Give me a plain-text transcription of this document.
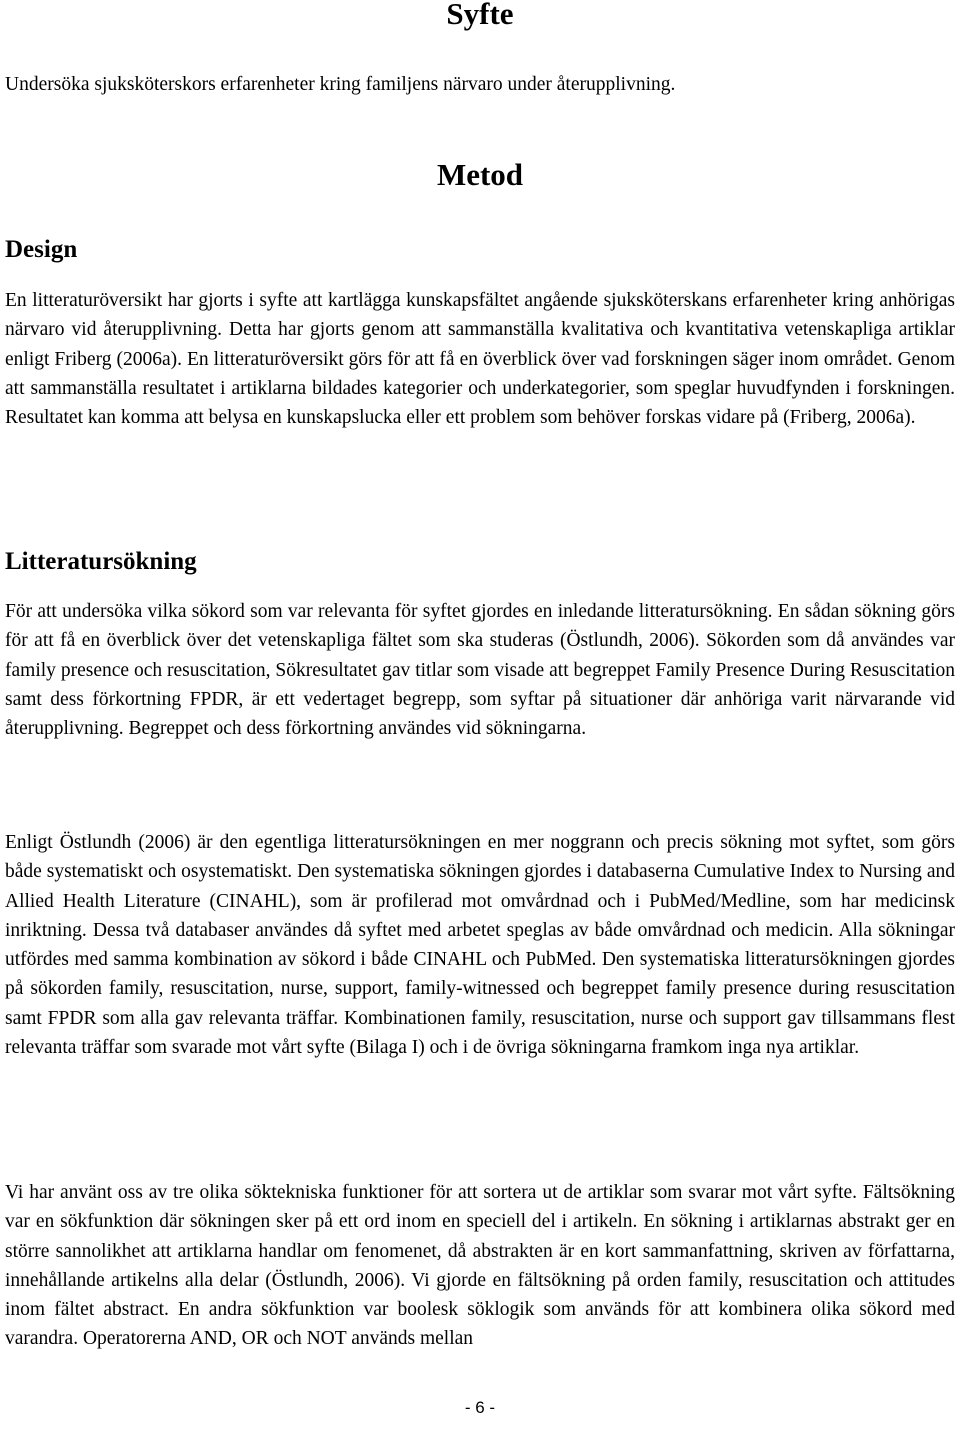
Syfte

Undersöka sjuksköterskors erfarenheter kring familjens närvaro under återupplivning.

Metod
Design

En litteraturöversikt har gjorts i syfte att kartlägga kunskapsfältet angående sjuksköterskans erfarenheter kring anhörigas närvaro vid återupplivning. Detta har gjorts genom att sammanställa kvalitativa och kvantitativa vetenskapliga artiklar enligt Friberg (2006a). En litteraturöversikt görs för att få en överblick över vad forskningen säger inom området. Genom att sammanställa resultatet i artiklarna bildades kategorier och underkategorier, som speglar huvudfynden i forskningen. Resultatet kan komma att belysa en kunskapslucka eller ett problem som behöver forskas vidare på (Friberg, 2006a).

Litteratursökning

För att undersöka vilka sökord som var relevanta för syftet gjordes en inledande litteratursökning. En sådan sökning görs för att få en överblick över det vetenskapliga fältet som ska studeras (Östlundh, 2006). Sökorden som då användes var family presence och resuscitation, Sökresultatet gav titlar som visade att begreppet Family Presence During Resuscitation samt dess förkortning FPDR, är ett vedertaget begrepp, som syftar på situationer där anhöriga varit närvarande vid återupplivning. Begreppet och dess förkortning användes vid sökningarna.

Enligt Östlundh (2006) är den egentliga litteratursökningen en mer noggrann och precis sökning mot syftet, som görs både systematiskt och osystematiskt. Den systematiska sökningen gjordes i databaserna Cumulative Index to Nursing and Allied Health Literature (CINAHL), som är profilerad mot omvårdnad och i PubMed/Medline, som har medicinsk inriktning. Dessa två databaser användes då syftet med arbetet speglas av både omvårdnad och medicin. Alla sökningar utfördes med samma kombination av sökord i både CINAHL och PubMed. Den systematiska litteratursökningen gjordes på sökorden family, resuscitation, nurse, support, family-witnessed och begreppet family presence during resuscitation samt FPDR som alla gav relevanta träffar. Kombinationen family, resuscitation, nurse och support gav tillsammans flest relevanta träffar som svarade mot vårt syfte (Bilaga I) och i de övriga sökningarna framkom inga nya artiklar.

Vi har använt oss av tre olika söktekniska funktioner för att sortera ut de artiklar som svarar mot vårt syfte. Fältsökning var en sökfunktion där sökningen sker på ett ord inom en speciell del i artikeln. En sökning i artiklarnas abstrakt ger en större sannolikhet att artiklarna handlar om fenomenet, då abstrakten är en kort sammanfattning, skriven av författarna, innehållande artikelns alla delar (Östlundh, 2006). Vi gjorde en fältsökning på orden family, resuscitation och attitudes inom fältet abstract. En andra sökfunktion var boolesk söklogik som används för att kombinera olika sökord med varandra. Operatorerna AND, OR och NOT används mellan

- 6 -
